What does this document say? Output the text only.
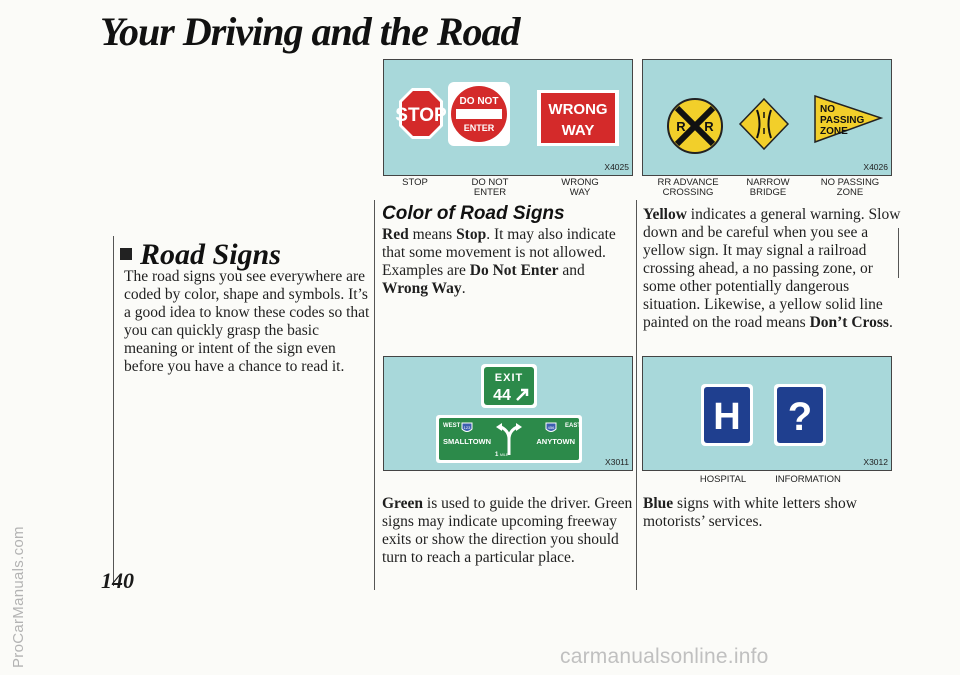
ProCarManuals.com	carmanualsonline.info
Your Driving and the Road
Road Signs
The road signs you see everywhere are coded by color, shape and symbols. It’s a good idea to know these codes so that you can quickly grasp the basic meaning or intent of the sign even before you have a chance to read it.
140
STOP
DO NOT
ENTER
WRONG
WAY
X4025
STOP	DO NOT
ENTER
WRONG
WAY
R R
NO
PASSING
ZONE
X4026
RR ADVANCE
CROSSING
NARROW
BRIDGE
NO PASSING
ZONE
Color of Road Signs
Red means Stop. It may also indicate that some movement is not allowed. Examples are Do Not Enter and Wrong Way.
EXIT
44
WEST	EAST
123	456
SMALLTOWN	ANYTOWN
1 MILE
X3011
Green is used to guide the driver. Green signs may indicate upcoming freeway exits or show the direction you should turn to reach a particular place.
Yellow indicates a general warning. Slow down and be careful when you see a yellow sign. It may signal a railroad crossing ahead, a no passing zone, or some other potentially dangerous situation. Likewise, a yellow solid line painted on the road means Don’t Cross.
H ?
X3012
HOSPITAL	INFORMATION
Blue signs with white letters show motorists’ services.
